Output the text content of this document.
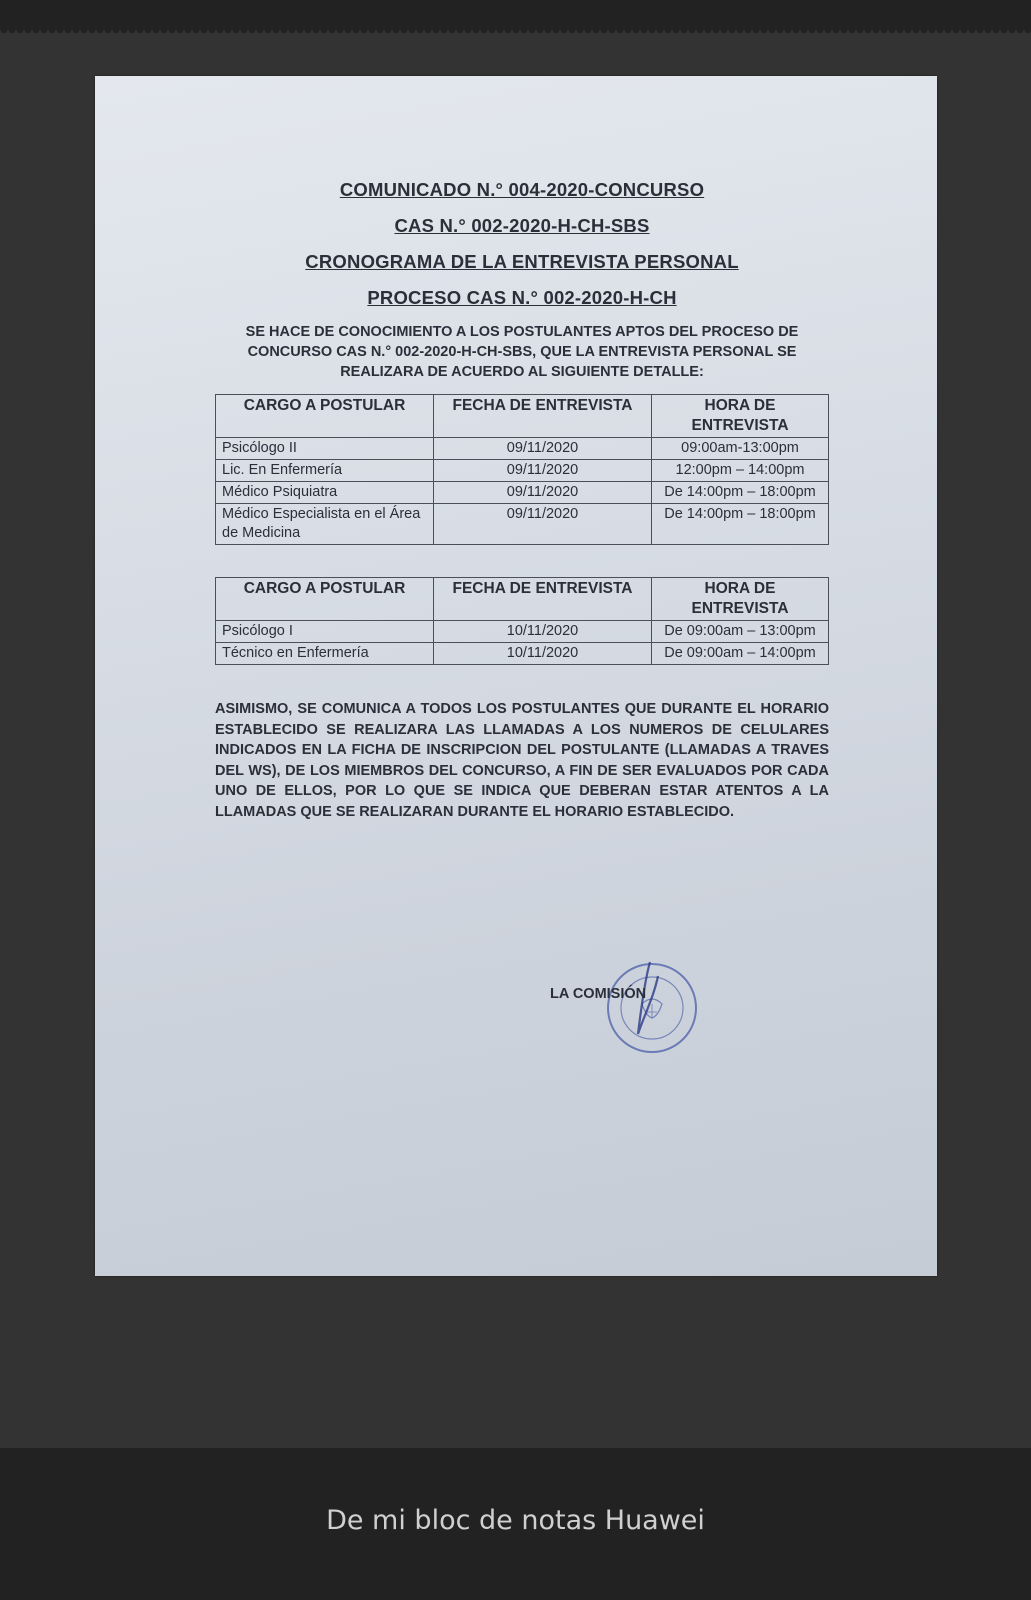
COMUNICADO N.° 004-2020-CONCURSO

CAS N.° 002-2020-H-CH-SBS

CRONOGRAMA DE LA ENTREVISTA PERSONAL

PROCESO CAS N.° 002-2020-H-CH

SE HACE DE CONOCIMIENTO A LOS POSTULANTES APTOS DEL PROCESO DE CONCURSO CAS N.° 002-2020-H-CH-SBS, QUE LA ENTREVISTA PERSONAL SE REALIZARA DE ACUERDO AL SIGUIENTE DETALLE:

CARGO A POSTULAR	FECHA DE ENTREVISTA	HORA DE ENTREVISTA
Psicólogo II	09/11/2020	09:00am-13:00pm
Lic. En Enfermería	09/11/2020	12:00pm – 14:00pm
Médico Psiquiatra	09/11/2020	De 14:00pm – 18:00pm
Médico Especialista en el Área de Medicina	09/11/2020	De 14:00pm – 18:00pm
CARGO A POSTULAR	FECHA DE ENTREVISTA	HORA DE ENTREVISTA
Psicólogo I	10/11/2020	De 09:00am – 13:00pm
Técnico en Enfermería	10/11/2020	De 09:00am – 14:00pm

ASIMISMO, SE COMUNICA A TODOS LOS POSTULANTES QUE DURANTE EL HORARIO ESTABLECIDO SE REALIZARA LAS LLAMADAS A LOS NUMEROS DE CELULARES INDICADOS EN LA FICHA DE INSCRIPCION DEL POSTULANTE (LLAMADAS A TRAVES DEL WS), DE LOS MIEMBROS DEL CONCURSO, A FIN DE SER EVALUADOS POR CADA UNO DE ELLOS, POR LO QUE SE INDICA QUE DEBERAN ESTAR ATENTOS A LA LLAMADAS QUE SE REALIZARAN DURANTE EL HORARIO ESTABLECIDO.

LA COMISIÓN
De mi bloc de notas Huawei
